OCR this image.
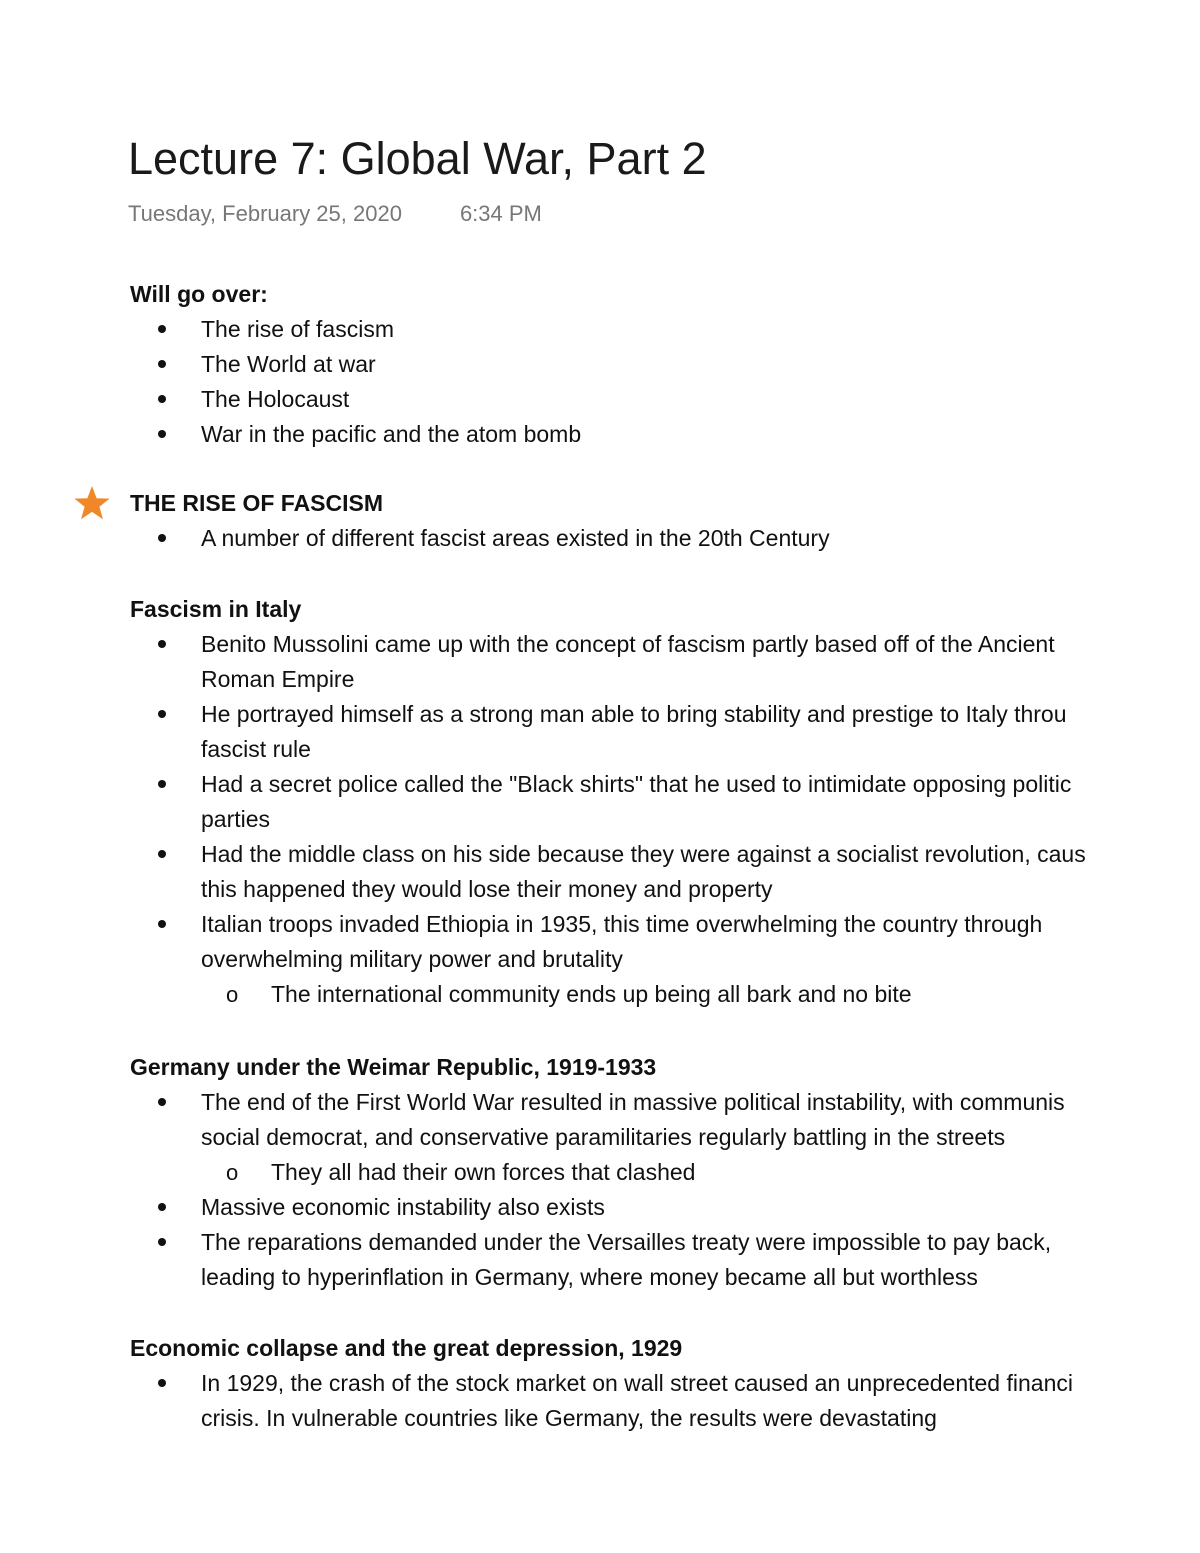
Lecture 7: Global War, Part 2
Tuesday, February 25, 2020	6:34 PM
Will go over:
The rise of fascism
The World at war
The Holocaust
War in the pacific and the atom bomb
THE RISE OF FASCISM
A number of different fascist areas existed in the 20th Century
Fascism in Italy
Benito Mussolini came up with the concept of fascism partly based off of the Ancient
Roman Empire
He portrayed himself as a strong man able to bring stability and prestige to Italy throu
fascist rule
Had a secret police called the "Black shirts" that he used to intimidate opposing politic
parties
Had the middle class on his side because they were against a socialist revolution, caus
this happened they would lose their money and property
Italian troops invaded Ethiopia in 1935, this time overwhelming the country through
overwhelming military power and brutality
o The international community ends up being all bark and no bite
Germany under the Weimar Republic, 1919-1933
The end of the First World War resulted in massive political instability, with communis
social democrat, and conservative paramilitaries regularly battling in the streets
o They all had their own forces that clashed
Massive economic instability also exists
The reparations demanded under the Versailles treaty were impossible to pay back,
leading to hyperinflation in Germany, where money became all but worthless
Economic collapse and the great depression, 1929
In 1929, the crash of the stock market on wall street caused an unprecedented financi
crisis. In vulnerable countries like Germany, the results were devastating
